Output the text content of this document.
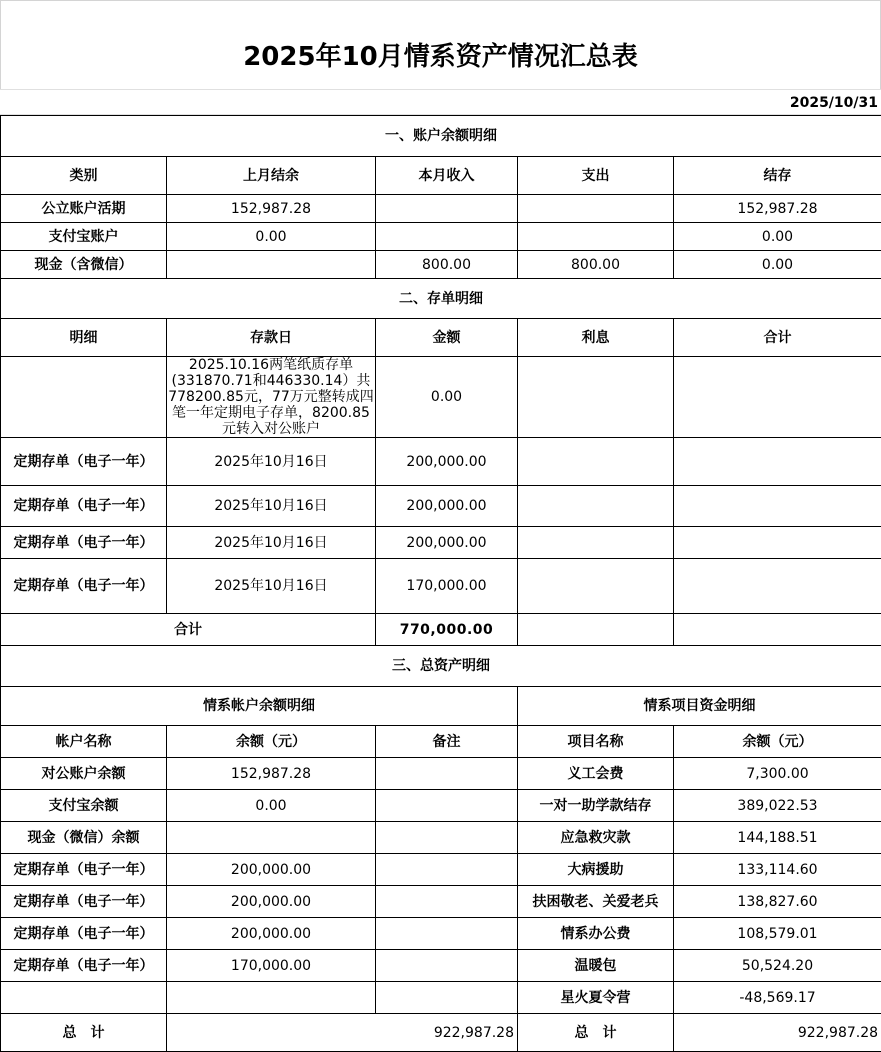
2025年10月情系资产情况汇总表
2025/10/31
一、账户余额明细				
类别	上月结余	本月收入	支出	结存
公立账户活期	152,987.28			152,987.28
支付宝账户	0.00			0.00
现金（含微信）		800.00	800.00	0.00
二、存单明细				
明细	存款日	金额	利息	合计
	2025.10.16两笔纸质存单(331870.71和446330.14）共778200.85元，77万元整转成四笔一年定期电子存单，8200.85元转入对公账户	0.00		
定期存单（电子一年）	2025年10月16日	200,000.00		
定期存单（电子一年）	2025年10月16日	200,000.00		
定期存单（电子一年）	2025年10月16日	200,000.00		
定期存单（电子一年）	2025年10月16日	170,000.00		
合计		770,000.00		
三、总资产明细				
情系帐户余额明细			情系项目资金明细	
帐户名称	余额（元）	备注	项目名称	余额（元）
对公账户余额	152,987.28		义工会费	7,300.00
支付宝余额	0.00		一对一助学款结存	389,022.53
现金（微信）余额			应急救灾款	144,188.51
定期存单（电子一年）	200,000.00		大病援助	133,114.60
定期存单（电子一年）	200,000.00		扶困敬老、关爱老兵	138,827.60
定期存单（电子一年）	200,000.00		情系办公费	108,579.01
定期存单（电子一年）	170,000.00		温暖包	50,524.20
			星火夏令营	-48,569.17
总　计	922,987.28		总　计	922,987.28
